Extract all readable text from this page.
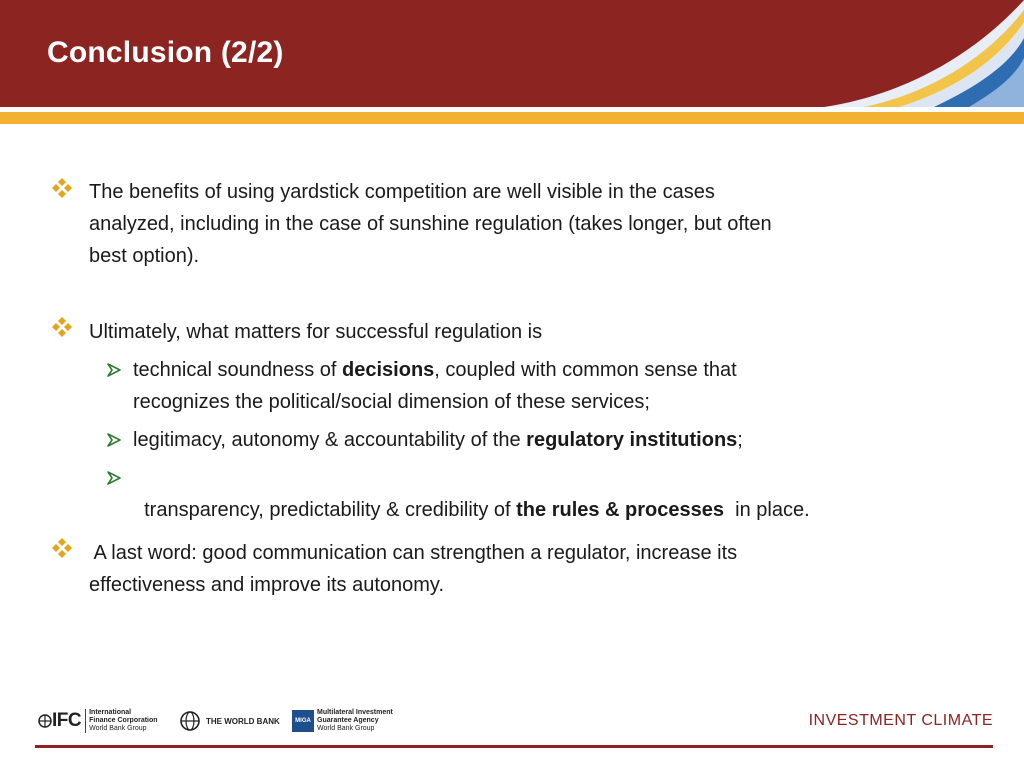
Conclusion (2/2)
The benefits of using yardstick competition are well visible in the cases
analyzed, including in the case of sunshine regulation (takes longer, but often
best option).
Ultimately, what matters for successful regulation is
technical soundness of decisions, coupled with common sense that
recognizes the political/social dimension of these services;
legitimacy, autonomy & accountability of the regulatory institutions;

transparency, predictability & credibility of the rules & processes  in place.

A last word: good communication can strengthen a regulator, increase its
effectiveness and improve its autonomy.
IFC International
Finance Corporation
World Bank Group
THE WORLD BANK	MIGA
Multilateral Investment
Guarantee Agency
World Bank Group	INVESTMENT CLIMATE
